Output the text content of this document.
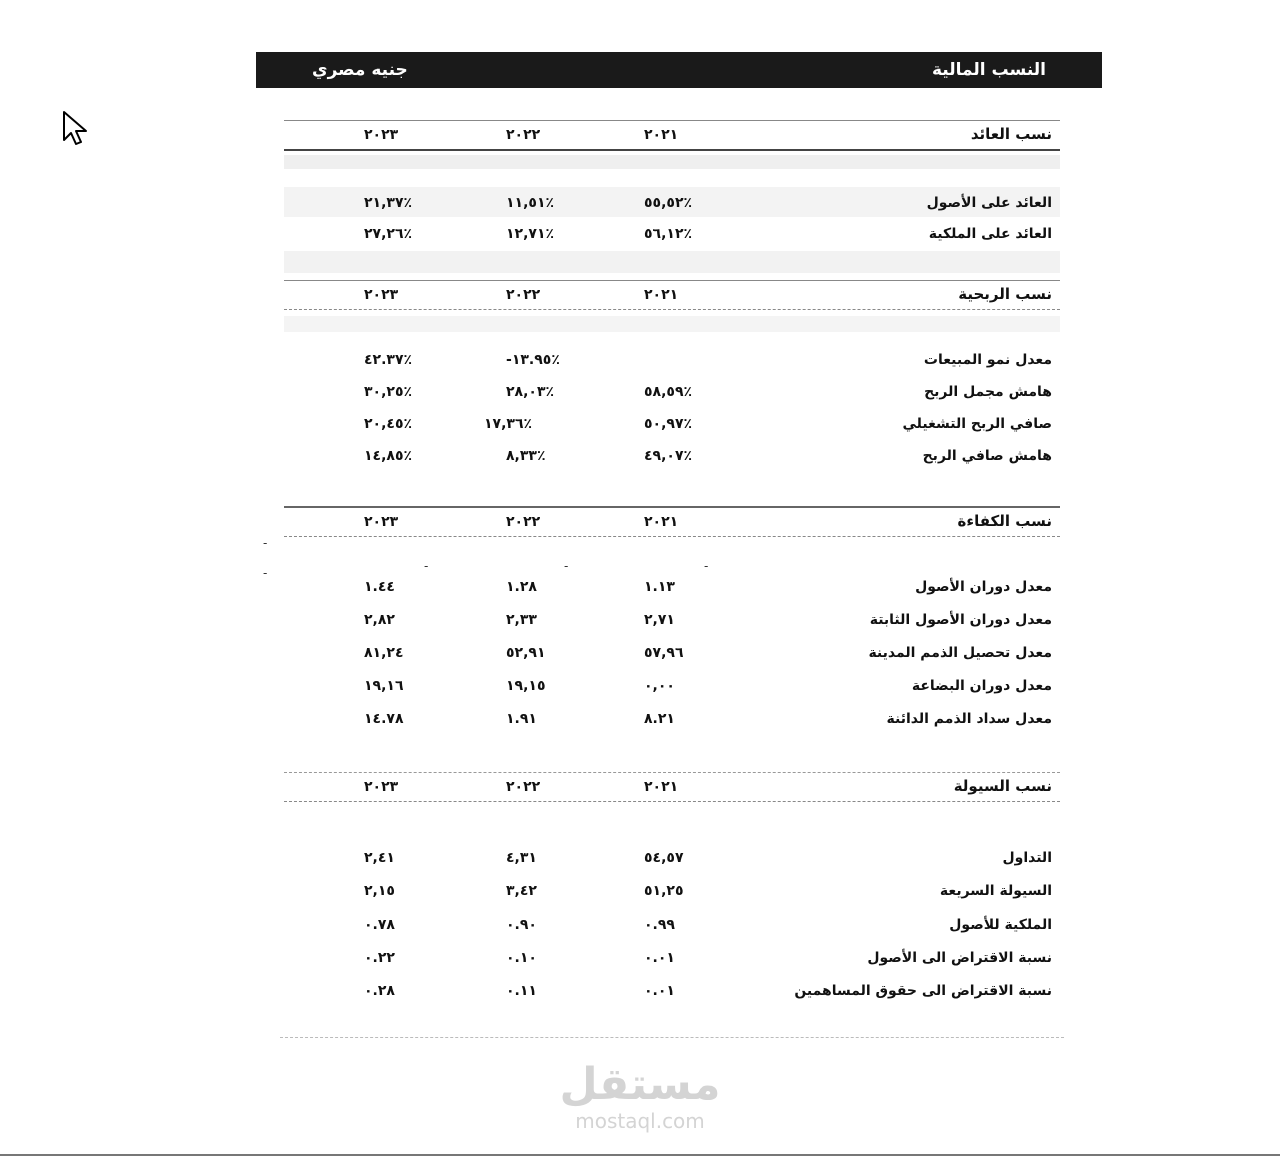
النسب المالية
جنيه مصري
نسب العائد
٢٠٢١
٢٠٢٢
٢٠٢٣
العائد على الأصول
٥٥,٥٢٪
١١,٥١٪
٢١,٣٧٪
العائد على الملكية
٥٦,١٢٪
١٢,٧١٪
٢٧,٢٦٪
نسب الربحية
٢٠٢١
٢٠٢٢
٢٠٢٣
معدل نمو المبيعات
-١٣.٩٥٪
٤٢.٣٧٪
هامش مجمل الربح
٥٨,٥٩٪
٢٨,٠٣٪
٣٠,٢٥٪
صافي الربح التشغيلي
٥٠,٩٧٪
١٧,٣٦٪
٢٠,٤٥٪
هامش صافي الربح
٤٩,٠٧٪
٨,٣٣٪
١٤,٨٥٪
نسب الكفاءة
٢٠٢١
٢٠٢٢
٢٠٢٣
-
-
-
معدل دوران الأصول
١.١٣
١.٢٨
١.٤٤
معدل دوران الأصول الثابتة
٢,٧١
٢,٣٣
٢,٨٢
معدل تحصيل الذمم المدينة
٥٧,٩٦
٥٢,٩١
٨١,٢٤
معدل دوران البضاعة
٠,٠٠
١٩,١٥
١٩,١٦
معدل سداد الذمم الدائنة
٨.٢١
١.٩١
١٤.٧٨
نسب السيولة
٢٠٢١
٢٠٢٢
٢٠٢٣
التداول
٥٤,٥٧
٤,٣١
٢,٤١
السيولة السريعة
٥١,٢٥
٣,٤٢
٢,١٥
الملكية للأصول
٠.٩٩
٠.٩٠
٠.٧٨
نسبة الاقتراض الى الأصول
٠.٠١
٠.١٠
٠.٢٢
نسبة الاقتراض الى حقوق المساهمين
٠.٠١
٠.١١
٠.٢٨
-
-
مستقل
mostaql.com
